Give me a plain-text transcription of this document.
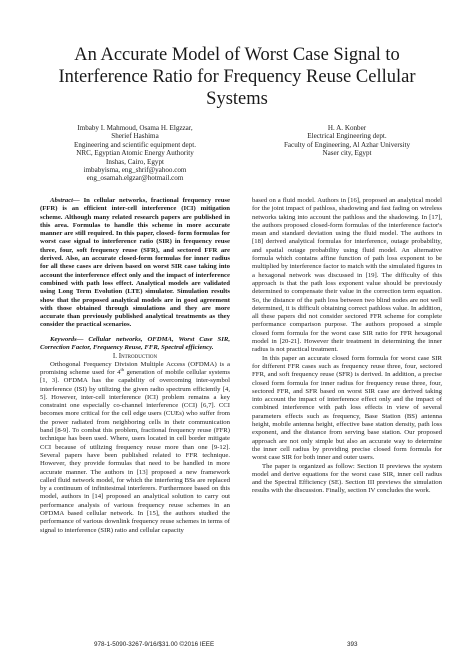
An Accurate Model of Worst Case Signal to Interference Ratio for Frequency Reuse Cellular Systems
Imbaby I. Mahmoud, Osama H. Elgzzar,
Sherief Hashima
Engineering and scientific equipment dept.
NRC, Egyptian Atomic Energy Authority
Inshas, Cairo, Egypt
imbabyisma, eng_shrif@yahoo.com
eng_osamah.elgzar@hotmail.com
H. A. Konber
Electrical Engineering dept.
Faculty of Engineering, Al Azhar University
Naser city, Egypt

Abstract— In cellular networks, fractional frequency reuse (FFR) is an efficient inter-cell interference (ICI) mitigation scheme. Although many related research papers are published in this area. Formulas to handle this scheme in more accurate manner are still required. In this paper, closed- form formulas for worst case signal to interference ratio (SIR) in frequency reuse three, four, soft frequency reuse (SFR), and sectored FFR are derived. Also, an accurate closed-form formulas for inner radius for all these cases are driven based on worst SIR case taking into account the interference effect only and the impact of interference combined with path loss effect. Analytical models are validated using Long Term Evolution (LTE) simulator. Simulation results show that the proposed analytical models are in good agreement with those obtained through simulations and they are more accurate than previously published analytical treatments as they consider the practical scenarios.

Keywords— Cellular networks, OFDMA, Worst Case SIR, Correction Factor, Frequency Reuse, FFR, Spectral efficiency.

I. Introduction

Orthogonal Frequency Division Multiple Access (OFDMA) is a promising scheme used for 4th generation of mobile cellular systems [1, 3]. OFDMA has the capability of overcoming inter-symbol interference (ISI) by utilizing the given radio spectrum efficiently [4, 5]. However, inter-cell interference (ICI) problem remains a key constraint one especially co-channel interference (CCI) [6,7]. CCI becomes more critical for the cell edge users (CUEs) who suffer from the power radiated from neighboring cells in their communication band [8-9]. To combat this problem, fractional frequency reuse (FFR) technique has been used. Where, users located in cell border mitigate CCI because of utilizing frequency reuse more than one [9-12]. Several papers have been published related to FFR technique. However, they provide formulas that need to be handled in more accurate manner. The authors in [13] proposed a new framework called fluid network model, for which the interfering BSs are replaced by a continuum of infinitesimal interferers. Furthermore based on this model, authors in [14] proposed an analytical solution to carry out performance analysis of various frequency reuse schemes in an OFDMA based cellular network. In [15], the authors studied the performance of various downlink frequency reuse schemes in terms of signal to interference (SIR) ratio and cellular capacity

based on a fluid model. Authors in [16], proposed an analytical model for the joint impact of pathloss, shadowing and fast fading on wireless networks taking into account the pathloss and the shadowing. In [17], the authors proposed closed-form formulas of the interference factor's mean and standard deviation using the fluid model. The authors in [18] derived analytical formulas for interference, outage probability, and spatial outage probability using fluid model. An alternative formula which contains affine function of path loss exponent to be multiplied by interference factor to match with the simulated figures in a hexagonal network was discussed in [19]. The difficulty of this approach is that the path loss exponent value should be previously determined to compensate their value in the correction term equation. So, the distance of the path loss between two blind nodes are not well determined, it is difficult obtaining correct pathloss value. In addition, all these papers did not consider sectored FFR scheme for complete performance comparison purpose. The authors proposed a simple closed form formula for the worst case SIR ratio for FFR hexagonal model in [20-21]. However their treatment in determining the inner radius is not practical treatment.

In this paper an accurate closed form formula for worst case SIR for different FFR cases such as frequency reuse three, four, sectored FFR, and soft frequency reuse (SFR) is derived. In addition, a precise closed form formula for inner radius for frequency reuse three, four, sectored FFR, and SFR based on worst SIR case are derived taking into account the impact of interference effect only and the impact of combined interference with path loss effects in view of several parameters effects such as frequency, Base Station (BS) antenna height, mobile antenna height, effective base station density, path loss exponent, and the distance from serving base station. Our proposed approach are not only simple but also an accurate way to determine the inner cell radius by providing precise closed form formula for worst case SIR for both inner and outer users.

The paper is organized as follow: Section II previews the system model and derive equations for the worst case SIR, inner cell radius and the Spectral Efficiency (SE). Section III previews the simulation results with the discussion. Finally, section IV concludes the work.

978-1-5090-3267-9/16/$31.00 ©2016 IEEE	393
